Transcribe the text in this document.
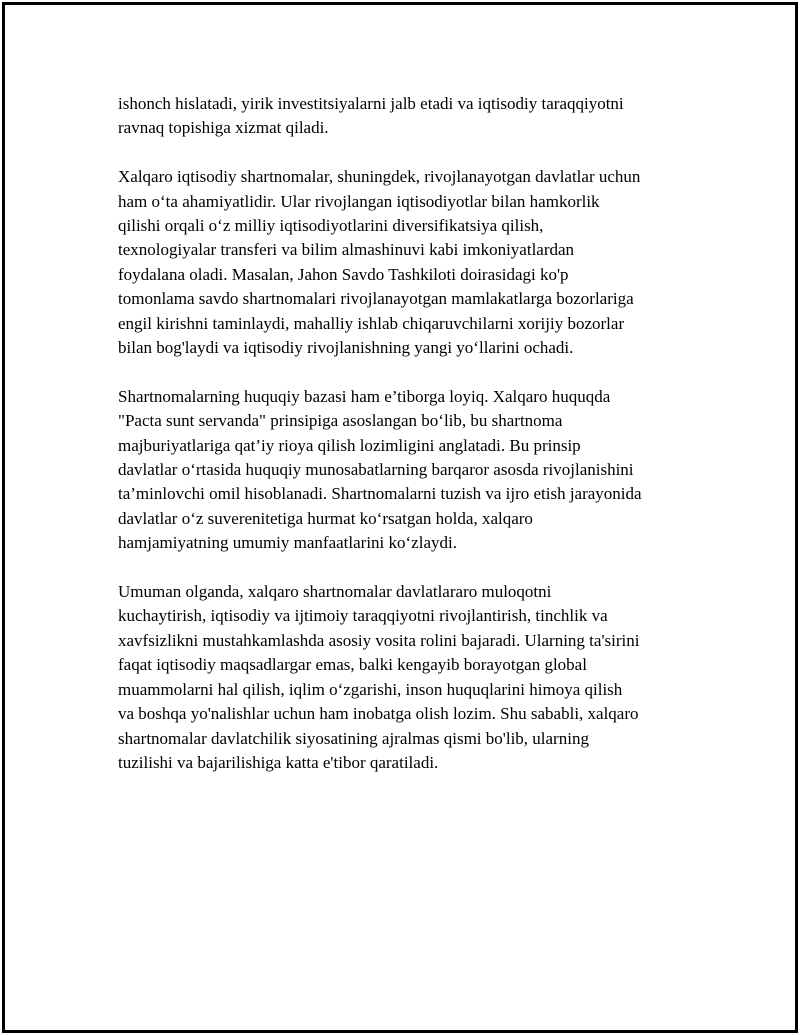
ishonch hislatadi, yirik investitsiyalarni jalb etadi va iqtisodiy taraqqiyotni
ravnaq topishiga xizmat qiladi.

Xalqaro iqtisodiy shartnomalar, shuningdek, rivojlanayotgan davlatlar uchun
ham o‘ta ahamiyatlidir. Ular rivojlangan iqtisodiyotlar bilan hamkorlik
qilishi orqali o‘z milliy iqtisodiyotlarini diversifikatsiya qilish,
texnologiyalar transferi va bilim almashinuvi kabi imkoniyatlardan
foydalana oladi. Masalan, Jahon Savdo Tashkiloti doirasidagi ko'p
tomonlama savdo shartnomalari rivojlanayotgan mamlakatlarga bozorlariga
engil kirishni taminlaydi, mahalliy ishlab chiqaruvchilarni xorijiy bozorlar
bilan bog'laydi va iqtisodiy rivojlanishning yangi yo‘llarini ochadi.

Shartnomalarning huquqiy bazasi ham e’tiborga loyiq. Xalqaro huquqda
"Pacta sunt servanda" prinsipiga asoslangan bo‘lib, bu shartnoma
majburiyatlariga qat’iy rioya qilish lozimligini anglatadi. Bu prinsip
davlatlar o‘rtasida huquqiy munosabatlarning barqaror asosda rivojlanishini
ta’minlovchi omil hisoblanadi. Shartnomalarni tuzish va ijro etish jarayonida
davlatlar o‘z suverenitetiga hurmat ko‘rsatgan holda, xalqaro
hamjamiyatning umumiy manfaatlarini ko‘zlaydi.

Umuman olganda, xalqaro shartnomalar davlatlararo muloqotni
kuchaytirish, iqtisodiy va ijtimoiy taraqqiyotni rivojlantirish, tinchlik va
xavfsizlikni mustahkamlashda asosiy vosita rolini bajaradi. Ularning ta'sirini
faqat iqtisodiy maqsadlargar emas, balki kengayib borayotgan global
muammolarni hal qilish, iqlim o‘zgarishi, inson huquqlarini himoya qilish
va boshqa yo'nalishlar uchun ham inobatga olish lozim. Shu sababli, xalqaro
shartnomalar davlatchilik siyosatining ajralmas qismi bo'lib, ularning
tuzilishi va bajarilishiga katta e'tibor qaratiladi.
